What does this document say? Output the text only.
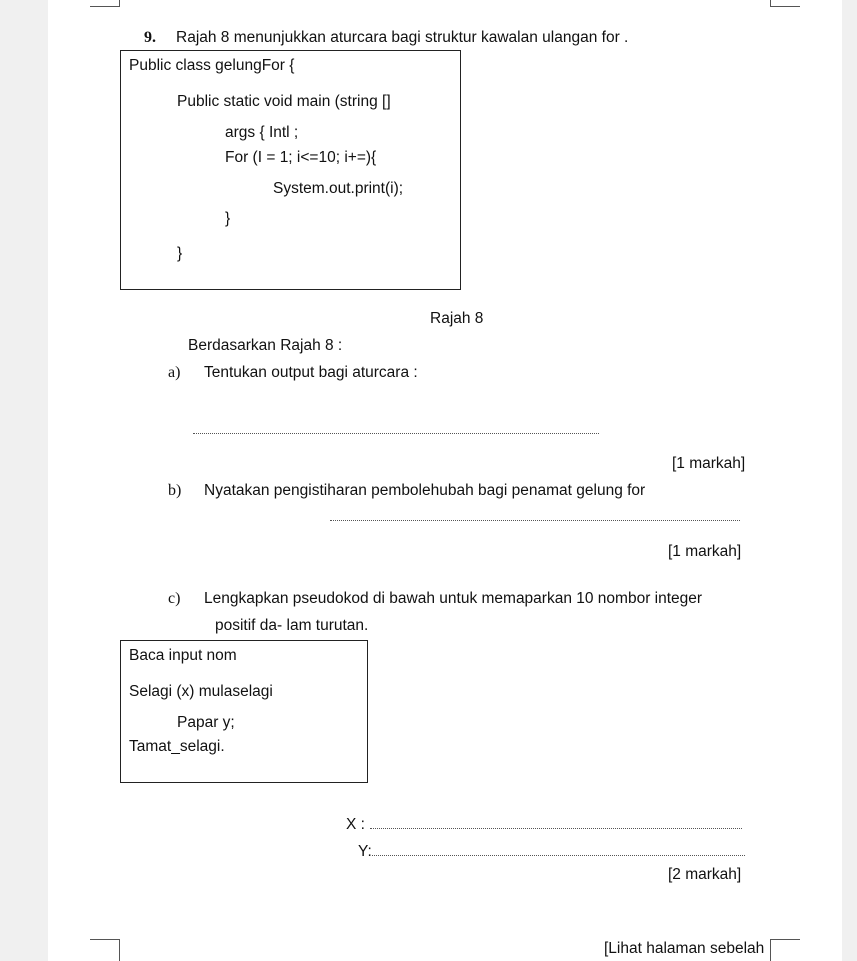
9. Rajah 8 menunjukkan aturcara bagi struktur kawalan ulangan for .
Public class gelungFor {
Public static void main (string []
args { Intl ;
For (I = 1; i<=10; i+=){
System.out.print(i);
}
}
Rajah 8
Berdasarkan Rajah 8 :
a) Tentukan output bagi aturcara :
[1 markah]
b) Nyatakan pengistiharan pembolehubah bagi penamat gelung for
[1 markah]
c) Lengkapkan pseudokod di bawah untuk memaparkan 10 nombor integer
positif da- lam turutan.
Baca input nom
Selagi (x) mulaselagi
Papar y;
Tamat_selagi.
X :
Y:
[2 markah]
[Lihat halaman sebelah
